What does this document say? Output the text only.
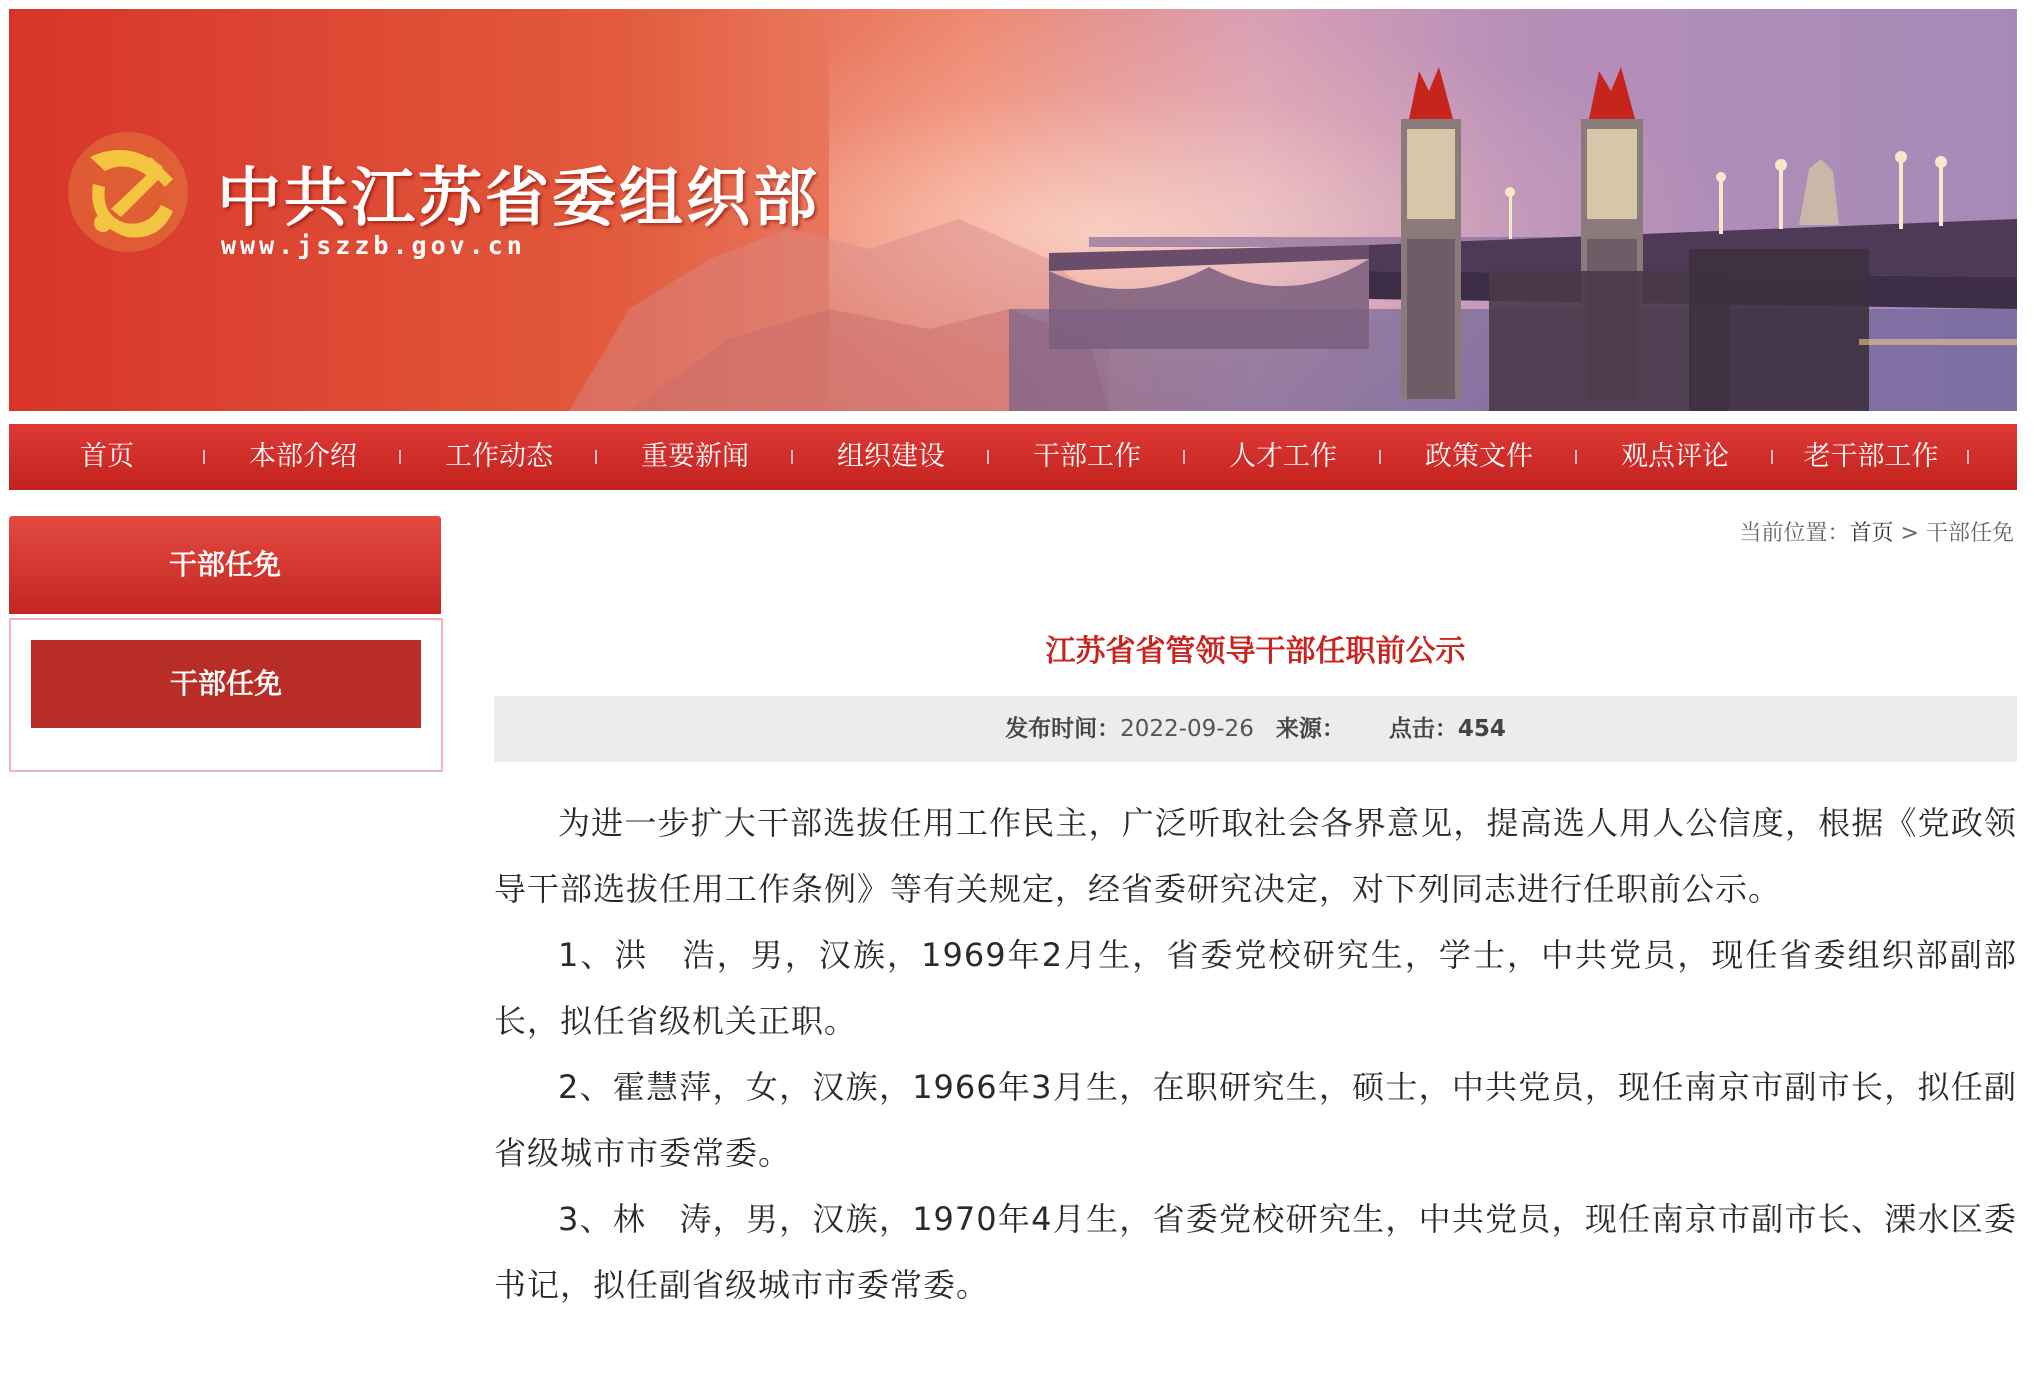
中共江苏省委组织部
www.jszzb.gov.cn
首页	本部介绍	工作动态	重要新闻	组织建设	干部工作	人才工作	政策文件	观点评论	老干部工作
干部任免
干部任免
当前位置：首页 > 干部任免
江苏省省管领导干部任职前公示
发布时间：2022-09-26 来源： 点击：454

为进一步扩大干部选拔任用工作民主，广泛听取社会各界意见，提高选人用人公信度，根据《党政领导干部选拔任用工作条例》等有关规定，经省委研究决定，对下列同志进行任职前公示。

1、洪　浩，男，汉族，1969年2月生，省委党校研究生，学士，中共党员，现任省委组织部副部长，拟任省级机关正职。

2、霍慧萍，女，汉族，1966年3月生，在职研究生，硕士，中共党员，现任南京市副市长，拟任副省级城市市委常委。

3、林　涛，男，汉族，1970年4月生，省委党校研究生，中共党员，现任南京市副市长、溧水区委书记，拟任副省级城市市委常委。
